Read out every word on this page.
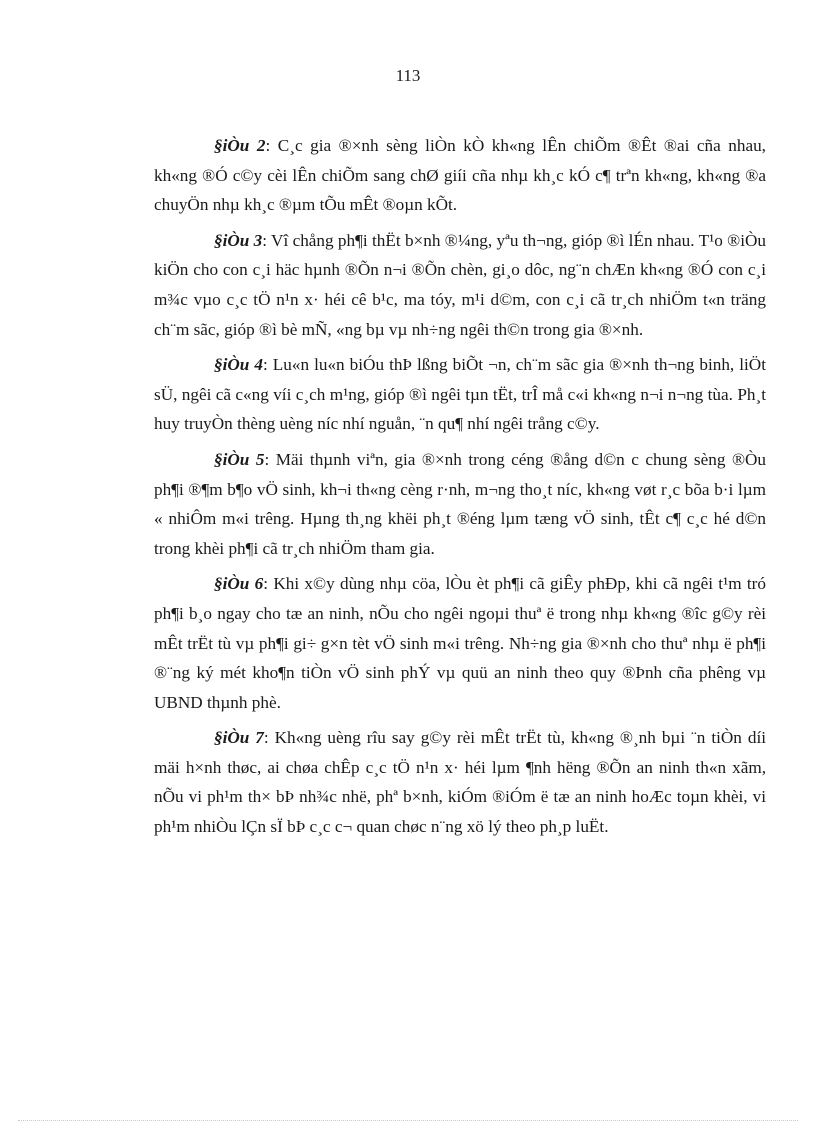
113

§iÒu 2: C¸c gia ®×nh sèng liÒn kÒ kh«ng lÊn chiÕm ®Êt ®ai cña nhau, kh«ng ®Ó c©y cèi lÊn chiÕm sang chØ giíi cña nhµ kh¸c kÓ c¶ trªn kh«ng, kh«ng ®a chuyÖn nhµ kh¸c ®µm tÕu mÊt ®oµn kÕt.

§iÒu 3: Vî chång ph¶i thËt b×nh ®¼ng, yªu th¬ng, gióp ®ì lÉn nhau. T¹o ®iÒu kiÖn cho con c¸i häc hµnh ®Õn n¬i ®Õn chèn, gi¸o dôc, ng¨n chÆn kh«ng ®Ó con c¸i m¾c vµo c¸c tÖ n¹n x· héi cê b¹c, ma tóy, m¹i d©m, con c¸i cã tr¸ch nhiÖm t«n träng ch¨m sãc, gióp ®ì bè mÑ, «ng bµ vµ nh÷ng ngêi th©n trong gia ®×nh.

§iÒu 4: Lu«n lu«n biÓu thÞ lßng biÕt ¬n, ch¨m sãc gia ®×nh th¬ng binh, liÖt sÜ, ngêi cã c«ng víi c¸ch m¹ng, gióp ®ì ngêi tµn tËt, trÎ må c«i kh«ng n¬i n¬ng tùa. Ph¸t huy truyÒn thèng uèng níc nhí nguån, ¨n qu¶ nhí ngêi trång c©y.

§iÒu 5: Mäi thµnh viªn, gia ®×nh trong céng ®ång d©n c chung sèng ®Òu ph¶i ®¶m b¶o vÖ sinh, kh¬i th«ng cèng r·nh, m¬ng tho¸t níc, kh«ng vøt r¸c bõa b·i lµm « nhiÔm m«i trêng. Hµng th¸ng khëi ph¸t ®éng lµm tæng vÖ sinh, tÊt c¶ c¸c hé d©n trong khèi ph¶i cã tr¸ch nhiÖm tham gia.

§iÒu 6: Khi x©y dùng nhµ cöa, lÒu èt ph¶i cã giÊy phÐp, khi cã ngêi t¹m tró ph¶i b¸o ngay cho tæ an ninh, nÕu cho ngêi ngoµi thuª ë trong nhµ kh«ng ®îc g©y rèi mÊt trËt tù vµ ph¶i gi÷ g×n tèt vÖ sinh m«i trêng. Nh÷ng gia ®×nh cho thuª nhµ ë ph¶i ®¨ng ký mét kho¶n tiÒn vÖ sinh phÝ vµ quü an ninh theo quy ®Þnh cña phêng vµ UBND thµnh phè.

§iÒu 7: Kh«ng uèng rîu say g©y rèi mÊt trËt tù, kh«ng ®¸nh bµi ¨n tiÒn díi mäi h×nh thøc, ai chøa chÊp c¸c tÖ n¹n x· héi lµm ¶nh hëng ®Õn an ninh th«n xãm, nÕu vi ph¹m th× bÞ nh¾c nhë, phª b×nh, kiÓm ®iÓm ë tæ an ninh hoÆc toµn khèi, vi ph¹m nhiÒu lÇn sÏ bÞ c¸c c¬ quan chøc n¨ng xö lý theo ph¸p luËt.
